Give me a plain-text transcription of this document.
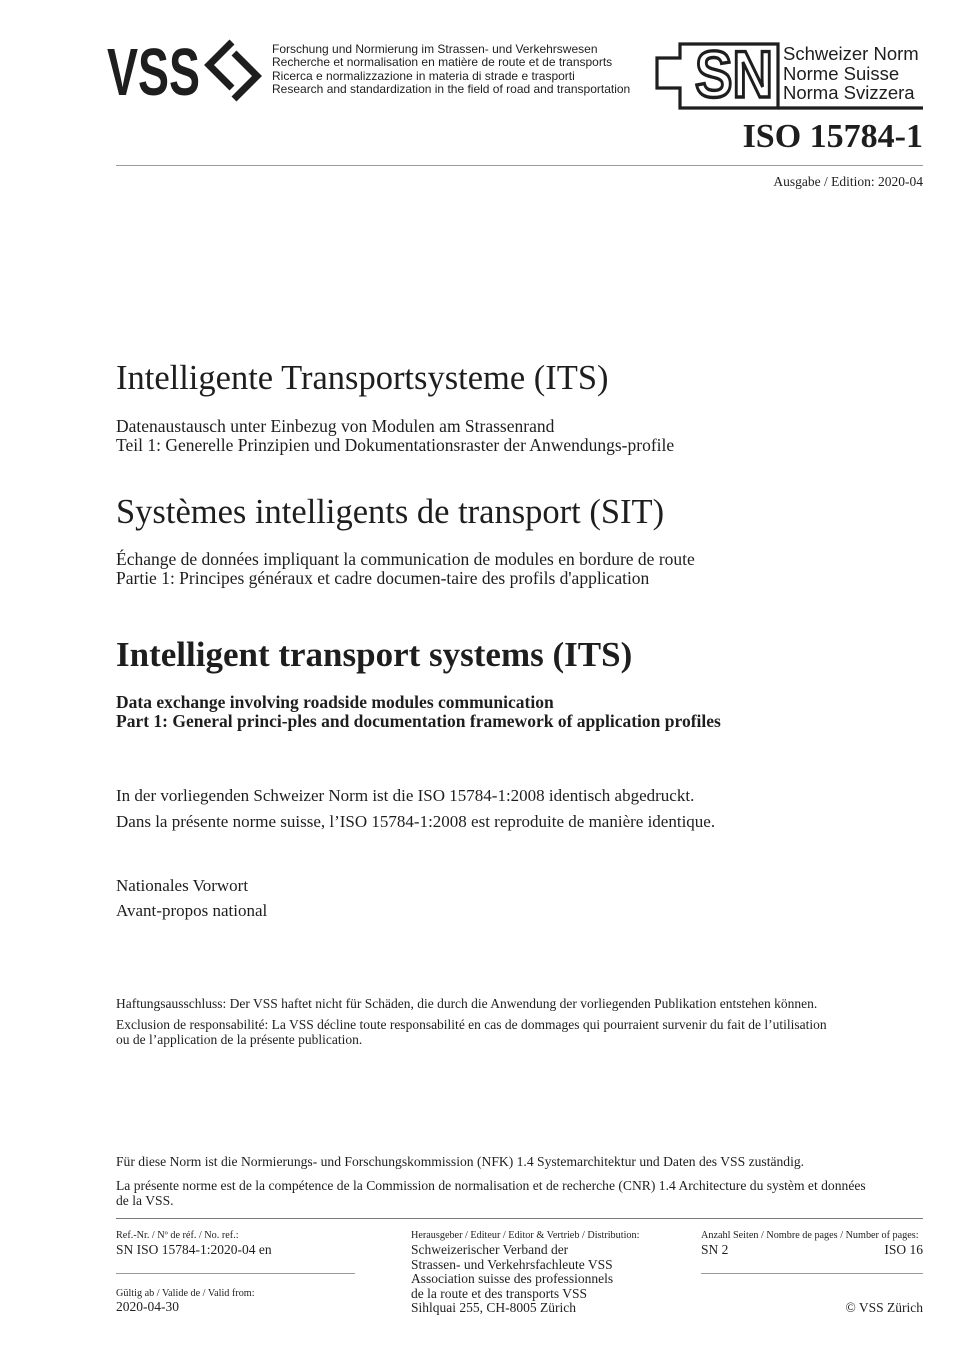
VSS	Forschung und Normierung im Strassen- und Verkehrswesen
Recherche et normalisation en matière de route et de transports
Ricerca e normalizzazione in materia di strade e trasporti
Research and standardization in the field of road and transportation SN Schweizer Norm
Norme Suisse
Norma Svizzera
ISO 15784-1
Ausgabe / Edition: 2020-04
Intelligente Transportsysteme (ITS)
Datenaustausch unter Einbezug von Modulen am Strassenrand
Teil 1: Generelle Prinzipien und Dokumentationsraster der Anwendungs-profile
Systèmes intelligents de transport (SIT)
Échange de données impliquant la communication de modules en bordure de route
Partie 1: Principes généraux et cadre documen-taire des profils d'application
Intelligent transport systems (ITS)
Data exchange involving roadside modules communication
Part 1: General princi-ples and documentation framework of application profiles
In der vorliegenden Schweizer Norm ist die ISO 15784-1:2008 identisch abgedruckt.
Dans la présente norme suisse, l’ISO 15784-1:2008 est reproduite de manière identique.
Nationales Vorwort
Avant-propos national
Haftungsausschluss: Der VSS haftet nicht für Schäden, die durch die Anwendung der vorliegenden Publikation entstehen können.
Exclusion de responsabilité: La VSS décline toute responsabilité en cas de dommages qui pourraient survenir du fait de l’utilisation
ou de l’application de la présente publication.
Für diese Norm ist die Normierungs- und Forschungskommission (NFK) 1.4 Systemarchitektur und Daten des VSS zuständig.
La présente norme est de la compétence de la Commission de normalisation et de recherche (CNR) 1.4 Architecture du systèm et données
de la VSS.
Ref.-Nr. / Nº de réf. / No. ref.:
SN ISO 15784-1:2020-04 en
Gültig ab / Valide de / Valid from:
2020-04-30
Herausgeber / Editeur / Editor & Vertrieb / Distribution:
Schweizerischer Verband der
Strassen- und Verkehrsfachleute VSS
Association suisse des professionnels
de la route et des transports VSS
Sihlquai 255, CH-8005 Zürich
Anzahl Seiten / Nombre de pages / Number of pages:
SN 2	ISO 16
© VSS Zürich
